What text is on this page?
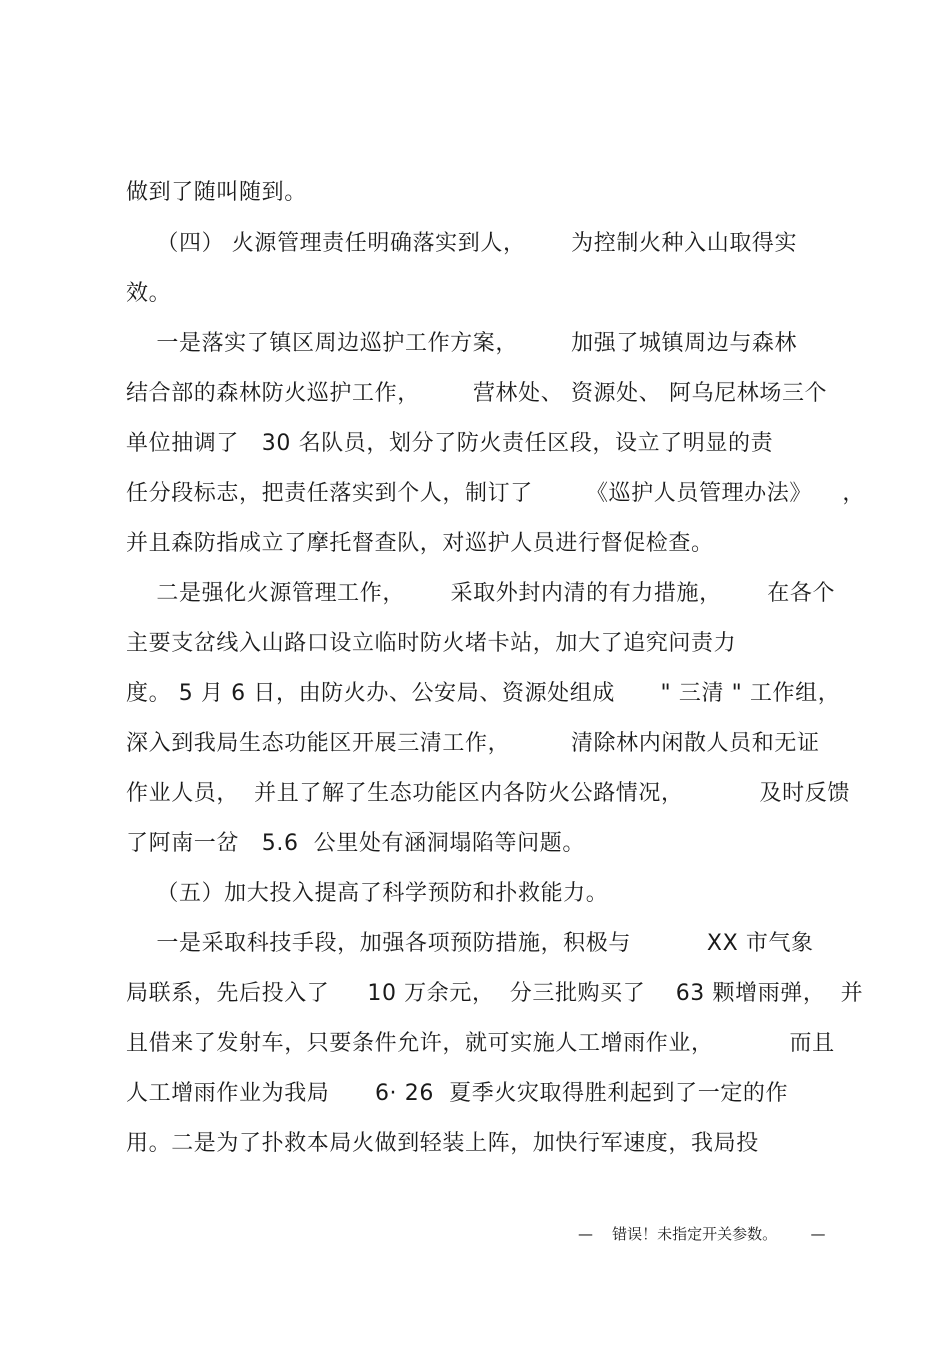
做到了随叫随到。
（四） 火源管理责任明确落实到人，      为控制火种入山取得实
效。
一是落实了镇区周边巡护工作方案，       加强了城镇周边与森林
结合部的森林防火巡护工作，       营林处、 资源处、 阿乌尼林场三个
单位抽调了   30 名队员，划分了防火责任区段，设立了明显的责
任分段标志，把责任落实到个人，制订了       《巡护人员管理办法》    ，
并且森防指成立了摩托督查队，对巡护人员进行督促检查。
二是强化火源管理工作，      采取外封内清的有力措施，      在各个
主要支岔线入山路口设立临时防火堵卡站，加大了追究问责力
度。 5 月 6 日，由防火办、公安局、资源处组成      " 三清 " 工作组，
深入到我局生态功能区开展三清工作，        清除林内闲散人员和无证
作业人员，  并且了解了生态功能区内各防火公路情况，          及时反馈
了阿南一岔   5.6  公里处有涵洞塌陷等问题。
（五）加大投入提高了科学预防和扑救能力。
一是采取科技手段，加强各项预防措施，积极与          XX 市气象
局联系，先后投入了     10 万余元，  分三批购买了    63 颗增雨弹，  并
且借来了发射车，只要条件允许，就可实施人工增雨作业，          而且
人工增雨作业为我局      6· 26  夏季火灾取得胜利起到了一定的作
用。二是为了扑救本局火做到轻装上阵，加快行军速度，我局投
—    错误！未指定开关参数。       —
